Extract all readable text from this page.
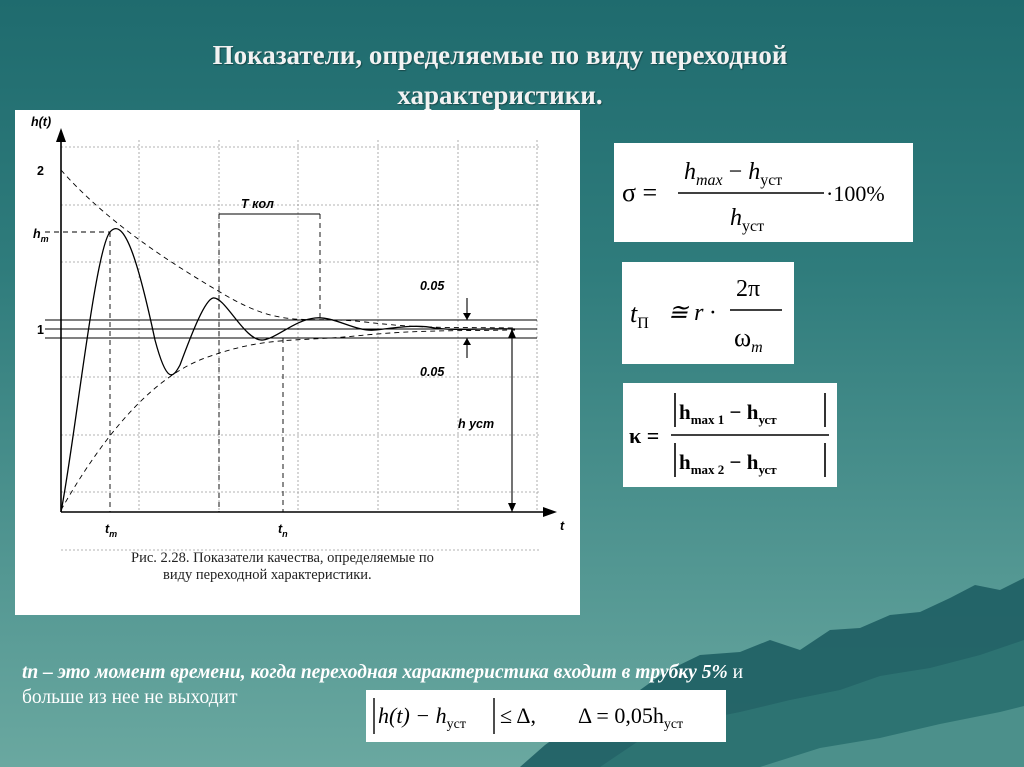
Показатели, определяемые по виду переходной
характеристики.
h(t)
t
2
$h_m$
1
T кол
0.05
0.05
h уст
$t_m$	$t_n$
Рис. 2.28. Показатели качества, определяемые по
виду переходной характеристики.
σ =
$h_{max} - h_{уст}$
$h_{уст}$
·100%
$t_П$ ≅ r ·
2π
$\omega_m$
κ =
$h_{max 1} - h_{уст}$
$h_{max 2} - h_{уст}$
tп – это момент времени, когда переходная характеристика входит в трубку 5% и
больше из нее не выходит
$h(t) - h_{уст} \le \Delta$, $\Delta = 0,05h_{уст}$
